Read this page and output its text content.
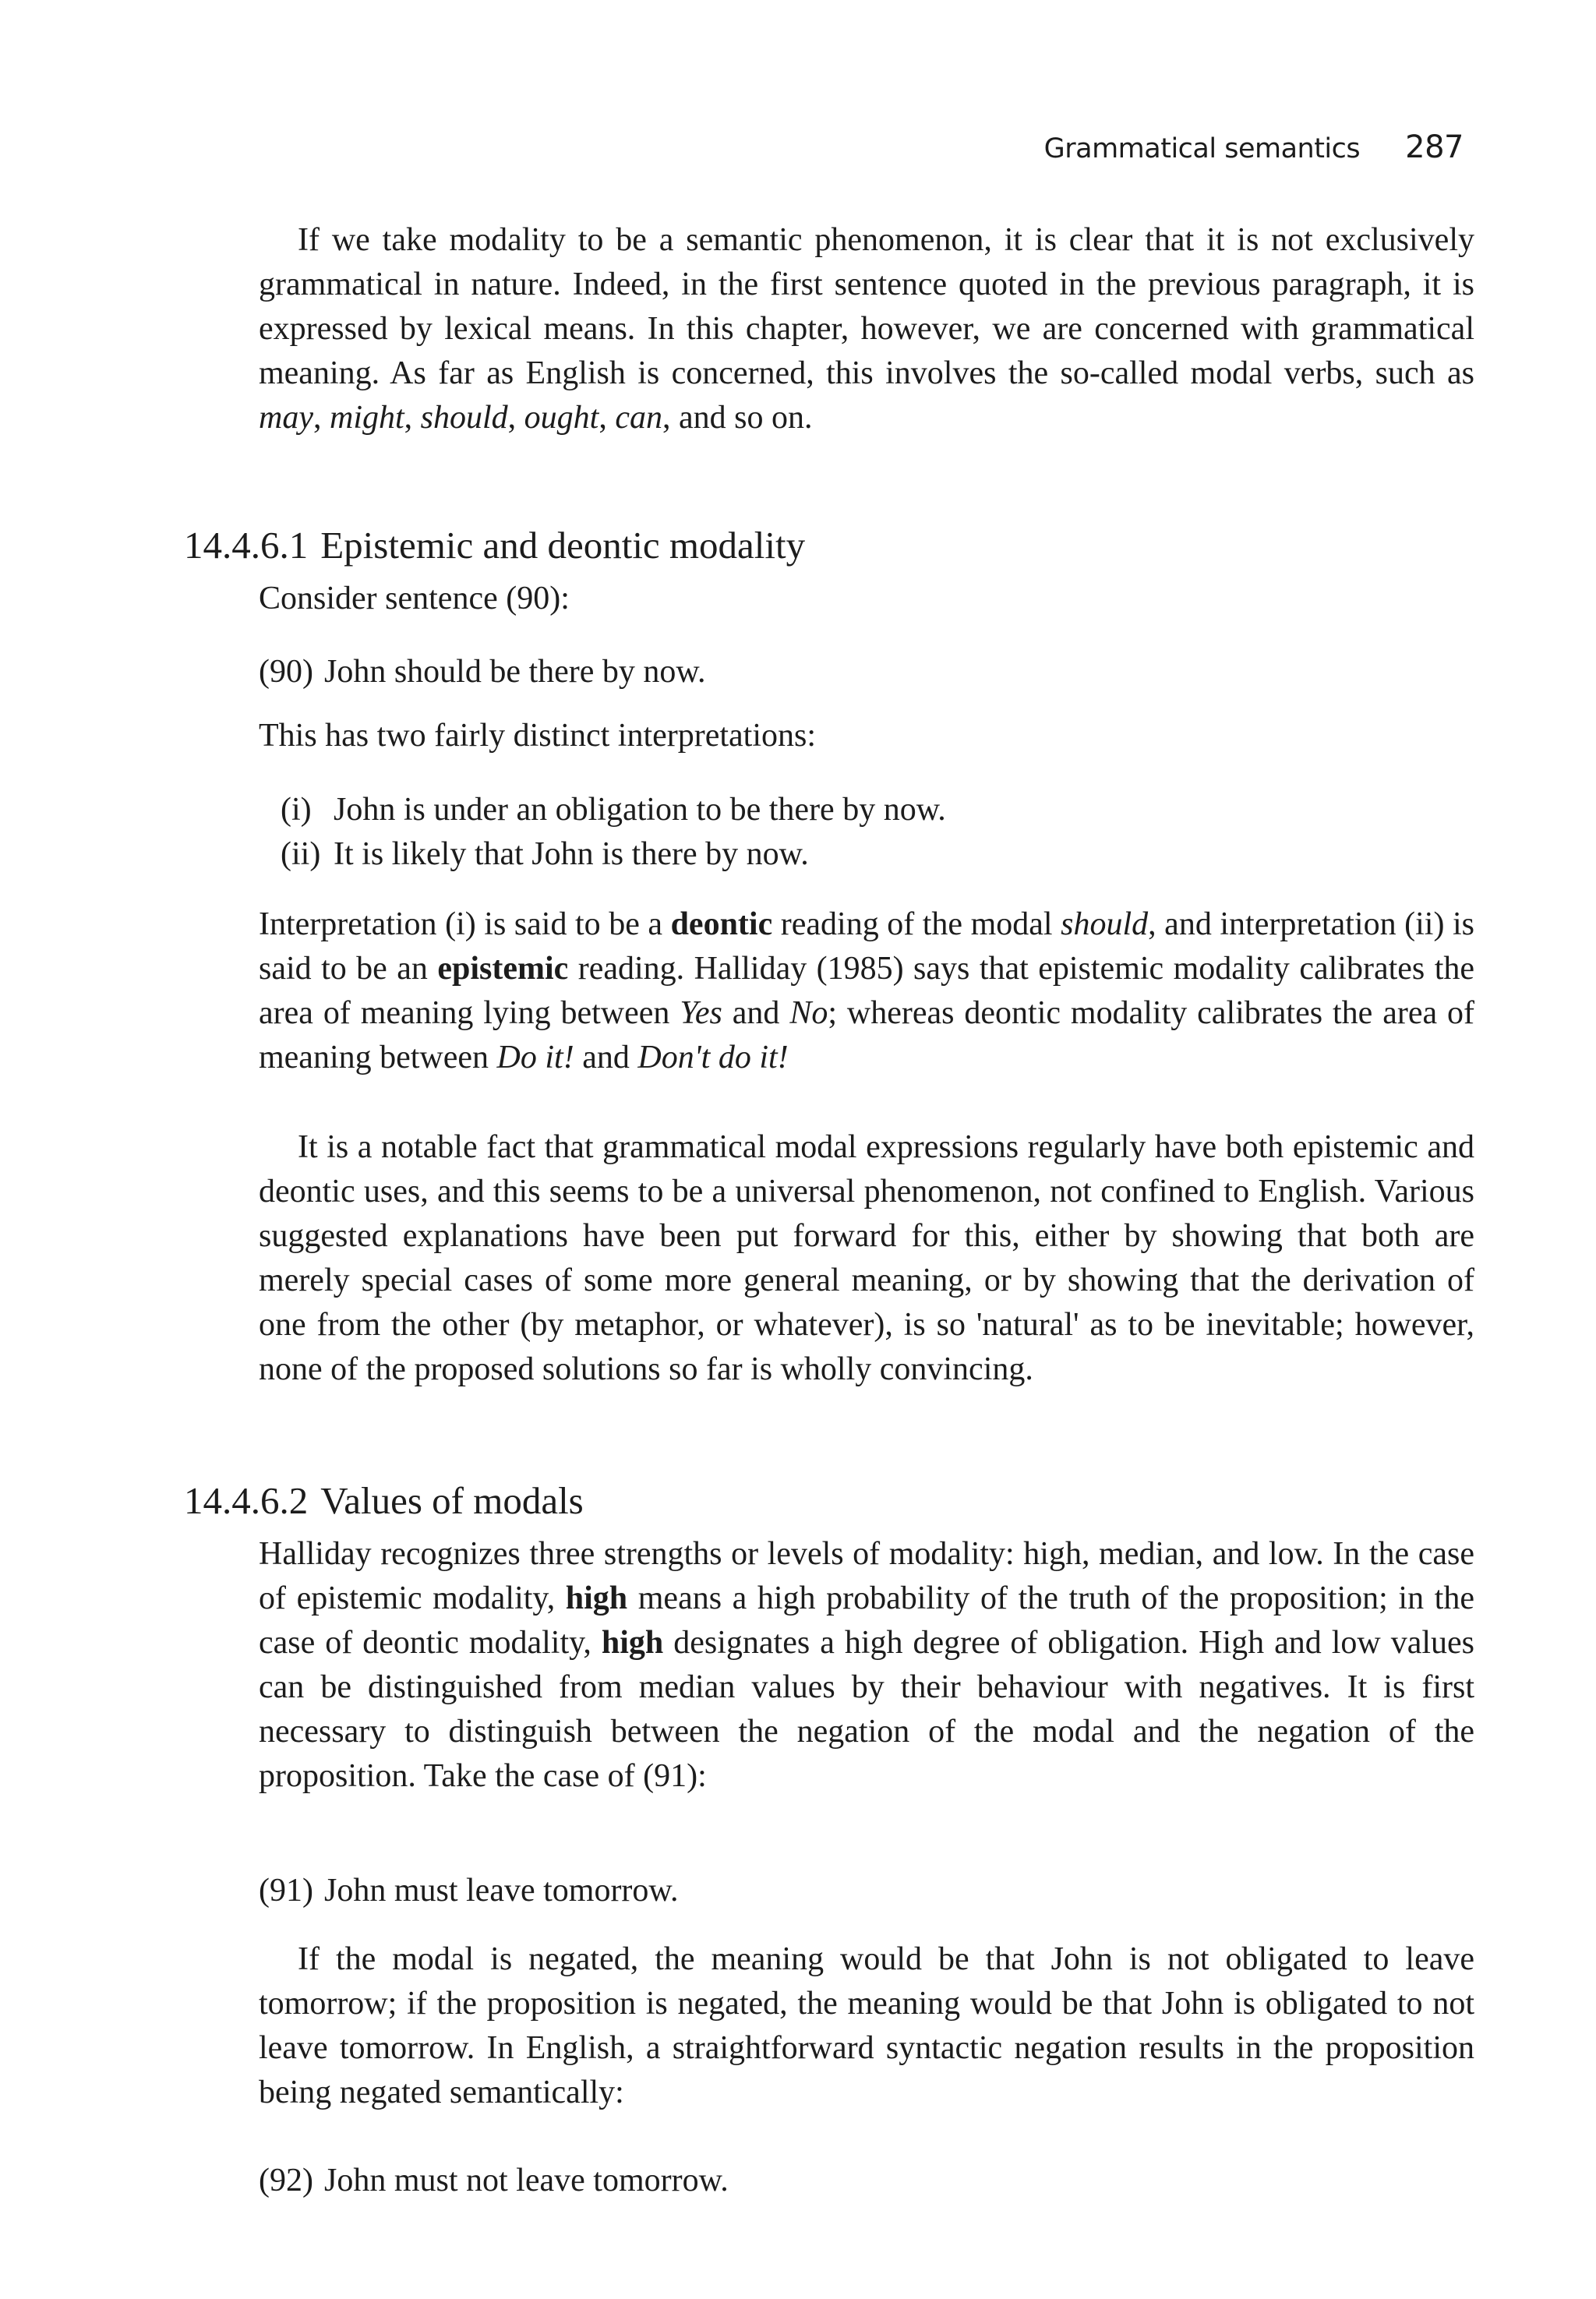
Grammatical semantics 287

If we take modality to be a semantic phenomenon, it is clear that it is not exclusively grammatical in nature. Indeed, in the first sentence quoted in the previous paragraph, it is expressed by lexical means. In this chapter, however, we are concerned with grammatical meaning. As far as English is concerned, this involves the so-called modal verbs, such as may, might, should, ought, can, and so on.

14.4.6.1 Epistemic and deontic modality

Consider sentence (90):

(90) John should be there by now.

This has two fairly distinct interpretations:

(i) John is under an obligation to be there by now.
(ii) It is likely that John is there by now.

Interpretation (i) is said to be a deontic reading of the modal should, and interpretation (ii) is said to be an epistemic reading. Halliday (1985) says that epistemic modality calibrates the area of meaning lying between Yes and No; whereas deontic modality calibrates the area of meaning between Do it! and Don't do it!

It is a notable fact that grammatical modal expressions regularly have both epistemic and deontic uses, and this seems to be a universal phenomenon, not confined to English. Various suggested explanations have been put forward for this, either by showing that both are merely special cases of some more general meaning, or by showing that the derivation of one from the other (by metaphor, or whatever), is so 'natural' as to be inevitable; however, none of the proposed solutions so far is wholly convincing.

14.4.6.2 Values of modals

Halliday recognizes three strengths or levels of modality: high, median, and low. In the case of epistemic modality, high means a high probability of the truth of the proposition; in the case of deontic modality, high designates a high degree of obligation. High and low values can be distinguished from median values by their behaviour with negatives. It is first necessary to distinguish between the negation of the modal and the negation of the proposition. Take the case of (91):

(91) John must leave tomorrow.

If the modal is negated, the meaning would be that John is not obligated to leave tomorrow; if the proposition is negated, the meaning would be that John is obligated to not leave tomorrow. In English, a straightforward syntactic negation results in the proposition being negated semantically:

(92) John must not leave tomorrow.
